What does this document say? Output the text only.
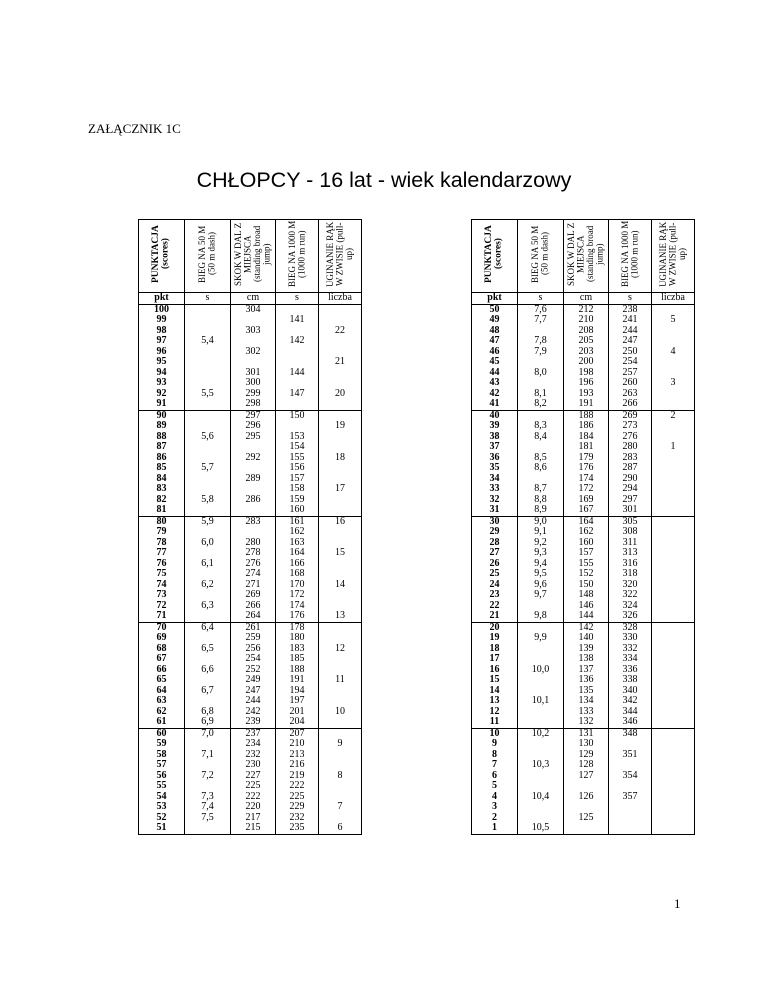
ZAŁĄCZNIK 1C
CHŁOPCY - 16 lat - wiek kalendarzowy
PUNKTACJA (scores)	BIEG NA 50 M (50 m dash)	SKOK W DAL Z MIEJSCA (standing broad jump)	BIEG NA 1000 M (1000 m run)	UGINANIE RĄK W ZWISIE (pull-up)
pkt	s	cm	s	liczba
100		304		
99			141	
98		303		22
97	5,4		142	
96		302		
95				21
94		301	144	
93		300		
92	5,5	299	147	20
91		298		
90		297	150	
89		296		19
88	5,6	295	153	
87			154	
86		292	155	18
85	5,7		156	
84		289	157	
83			158	17
82	5,8	286	159	
81			160	
80	5,9	283	161	16
79			162	
78	6,0	280	163	
77		278	164	15
76	6,1	276	166	
75		274	168	
74	6,2	271	170	14
73		269	172	
72	6,3	266	174	
71		264	176	13
70	6,4	261	178	
69		259	180	
68	6,5	256	183	12
67		254	185	
66	6,6	252	188	
65		249	191	11
64	6,7	247	194	
63		244	197	
62	6,8	242	201	10
61	6,9	239	204	
60	7,0	237	207	
59		234	210	9
58	7,1	232	213	
57		230	216	
56	7,2	227	219	8
55		225	222	
54	7,3	222	225	
53	7,4	220	229	7
52	7,5	217	232	
51		215	235	6
PUNKTACJA (scores)	BIEG NA 50 M (50 m dash)	SKOK W DAL Z MIEJSCA (standing broad jump)	BIEG NA 1000 M (1000 m run)	UGINANIE RĄK W ZWISIE (pull-up)
pkt	s	cm	s	liczba
50	7,6	212	238	
49	7,7	210	241	5
48		208	244	
47	7,8	205	247	
46	7,9	203	250	4
45		200	254	
44	8,0	198	257	
43		196	260	3
42	8,1	193	263	
41	8,2	191	266	
40		188	269	2
39	8,3	186	273	
38	8,4	184	276	
37		181	280	1
36	8,5	179	283	
35	8,6	176	287	
34		174	290	
33	8,7	172	294	
32	8,8	169	297	
31	8,9	167	301	
30	9,0	164	305	
29	9,1	162	308	
28	9,2	160	311	
27	9,3	157	313	
26	9,4	155	316	
25	9,5	152	318	
24	9,6	150	320	
23	9,7	148	322	
22		146	324	
21	9,8	144	326	
20		142	328	
19	9,9	140	330	
18		139	332	
17		138	334	
16	10,0	137	336	
15		136	338	
14		135	340	
13	10,1	134	342	
12		133	344	
11		132	346	
10	10,2	131	348	
9		130		
8		129	351	
7	10,3	128		
6		127	354	
5				
4	10,4	126	357	
3				
2		125		
1	10,5			
1
